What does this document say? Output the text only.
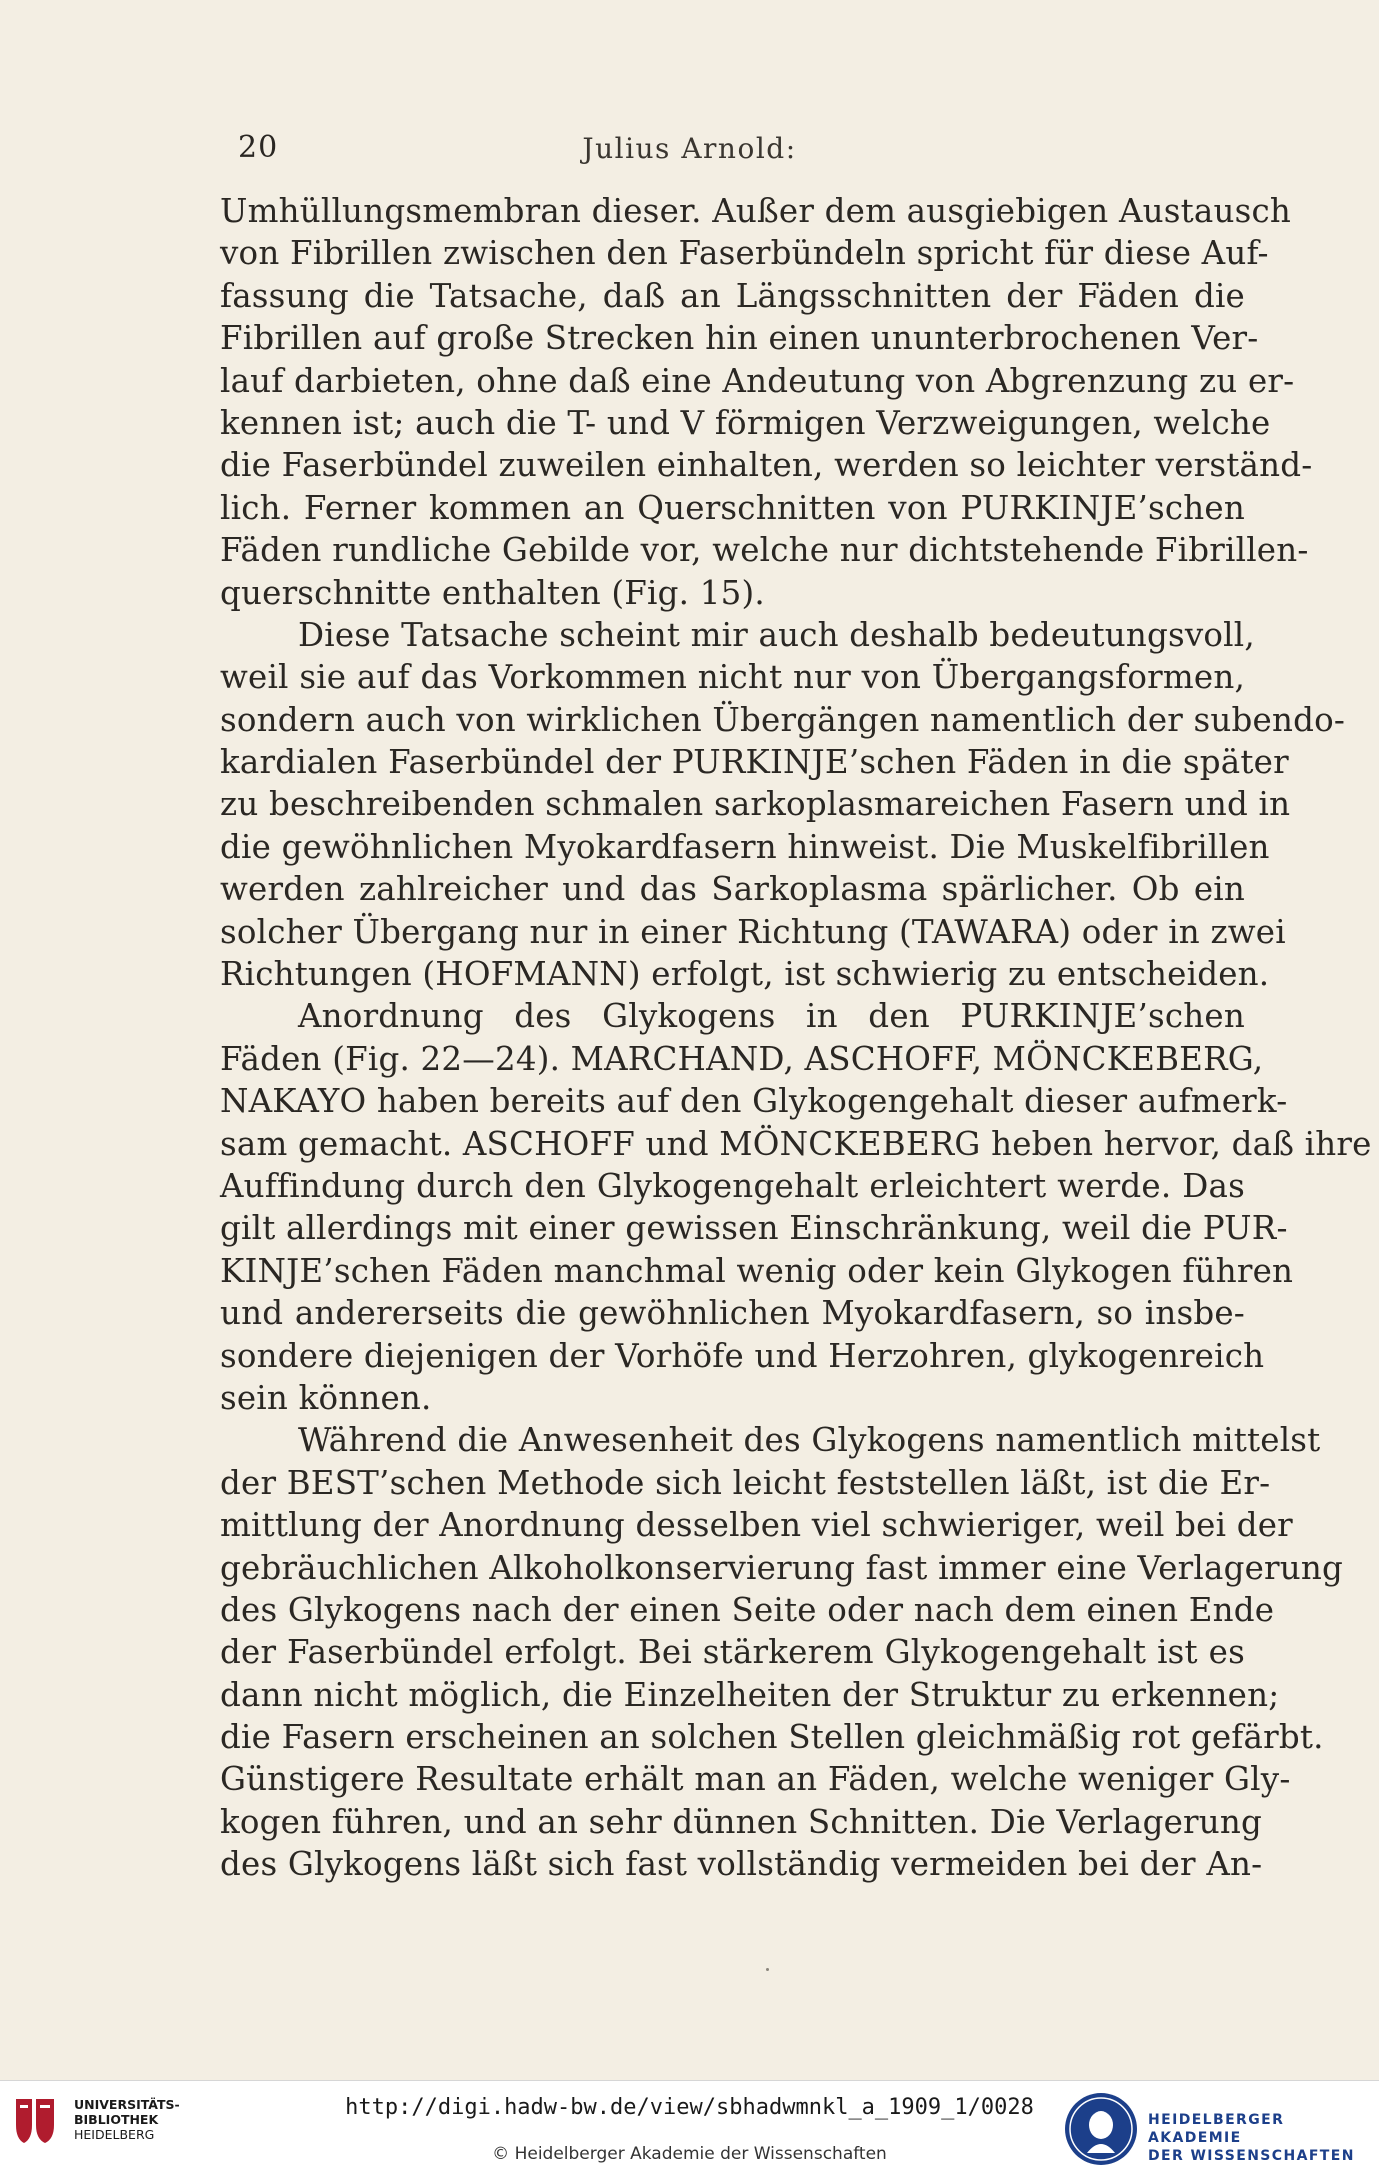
20	Julius Arnold:
Umhüllungsmembran dieser. Außer dem ausgiebigen Austausch
von Fibrillen zwischen den Faserbündeln spricht für diese Auf-
fassung die Tatsache, daß an Längsschnitten der Fäden die
Fibrillen auf große Strecken hin einen ununterbrochenen Ver-
lauf darbieten, ohne daß eine Andeutung von Abgrenzung zu er-
kennen ist; auch die T- und V förmigen Verzweigungen, welche
die Faserbündel zuweilen einhalten, werden so leichter verständ-
lich. Ferner kommen an Querschnitten von PURKINJE’schen
Fäden rundliche Gebilde vor, welche nur dichtstehende Fibrillen-
querschnitte enthalten (Fig. 15).
Diese Tatsache scheint mir auch deshalb bedeutungsvoll,
weil sie auf das Vorkommen nicht nur von Übergangsformen,
sondern auch von wirklichen Übergängen namentlich der subendo-
kardialen Faserbündel der PURKINJE’schen Fäden in die später
zu beschreibenden schmalen sarkoplasmareichen Fasern und in
die gewöhnlichen Myokardfasern hinweist. Die Muskelfibrillen
werden zahlreicher und das Sarkoplasma spärlicher. Ob ein
solcher Übergang nur in einer Richtung (TAWARA) oder in zwei
Richtungen (HOFMANN) erfolgt, ist schwierig zu entscheiden.
Anordnung des Glykogens in den PURKINJE’schen
Fäden (Fig. 22—24). MARCHAND, ASCHOFF, MÖNCKEBERG,
NAKAYO haben bereits auf den Glykogengehalt dieser aufmerk-
sam gemacht. ASCHOFF und MÖNCKEBERG heben hervor, daß ihre
Auffindung durch den Glykogengehalt erleichtert werde. Das
gilt allerdings mit einer gewissen Einschränkung, weil die PUR-
KINJE’schen Fäden manchmal wenig oder kein Glykogen führen
und andererseits die gewöhnlichen Myokardfasern, so insbe-
sondere diejenigen der Vorhöfe und Herzohren, glykogenreich
sein können.
Während die Anwesenheit des Glykogens namentlich mittelst
der BEST’schen Methode sich leicht feststellen läßt, ist die Er-
mittlung der Anordnung desselben viel schwieriger, weil bei der
gebräuchlichen Alkoholkonservierung fast immer eine Verlagerung
des Glykogens nach der einen Seite oder nach dem einen Ende
der Faserbündel erfolgt. Bei stärkerem Glykogengehalt ist es
dann nicht möglich, die Einzelheiten der Struktur zu erkennen;
die Fasern erscheinen an solchen Stellen gleichmäßig rot gefärbt.
Günstigere Resultate erhält man an Fäden, welche weniger Gly-
kogen führen, und an sehr dünnen Schnitten. Die Verlagerung
des Glykogens läßt sich fast vollständig vermeiden bei der An-
UNIVERSITÄTS-
BIBLIOTHEK
HEIDELBERG
http://digi.hadw-bw.de/view/sbhadwmnkl_a_1909_1/0028
© Heidelberger Akademie der Wissenschaften
HEIDELBERGER AKADEMIE
DER WISSENSCHAFTEN
